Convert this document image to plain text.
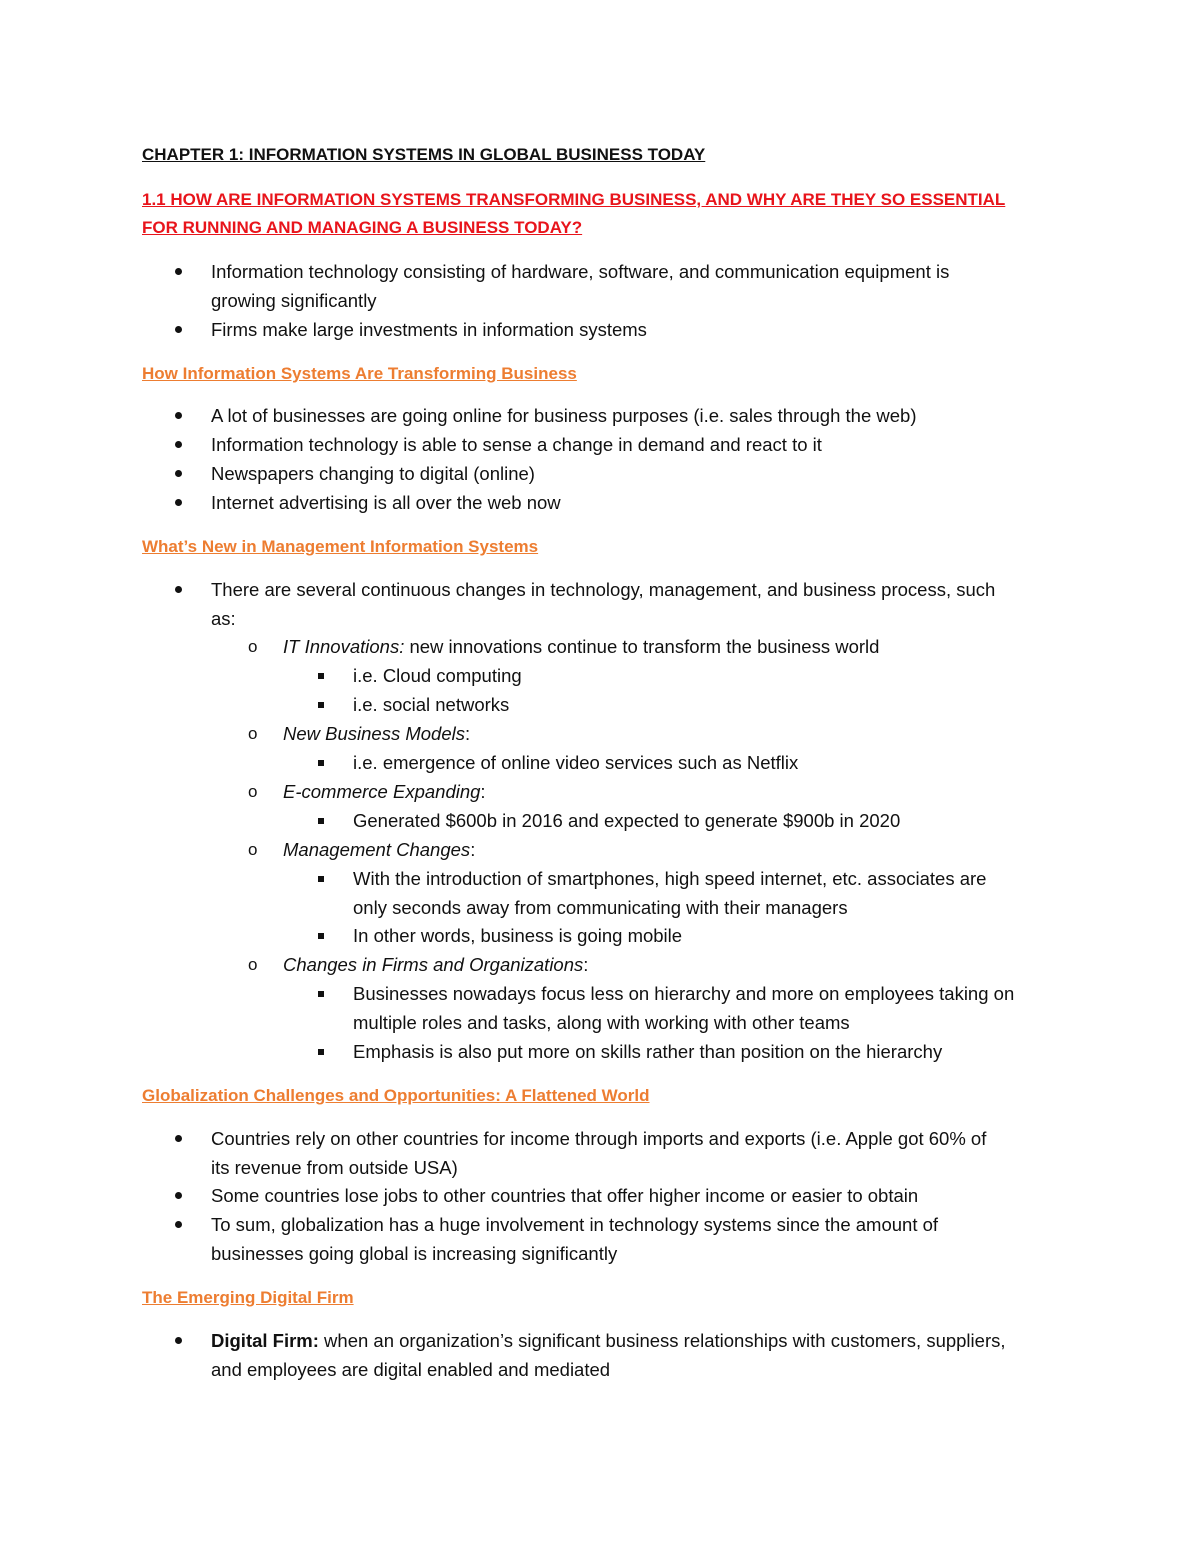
CHAPTER 1: INFORMATION SYSTEMS IN GLOBAL BUSINESS TODAY

1.1 HOW ARE INFORMATION SYSTEMS TRANSFORMING BUSINESS, AND WHY ARE THEY SO ESSENTIAL

FOR RUNNING AND MANAGING A BUSINESS TODAY?

Information technology consisting of hardware, software, and communication equipment is

growing significantly

Firms make large investments in information systems

How Information Systems Are Transforming Business

A lot of businesses are going online for business purposes (i.e. sales through the web)

Information technology is able to sense a change in demand and react to it

Newspapers changing to digital (online)

Internet advertising is all over the web now

What’s New in Management Information Systems

There are several continuous changes in technology, management, and business process, such

as:

o IT Innovations: new innovations continue to transform the business world

i.e. Cloud computing

i.e. social networks

o New Business Models:

i.e. emergence of online video services such as Netflix

o E-commerce Expanding:

Generated $600b in 2016 and expected to generate $900b in 2020

o Management Changes:

With the introduction of smartphones, high speed internet, etc. associates are

only seconds away from communicating with their managers

In other words, business is going mobile

o Changes in Firms and Organizations:

Businesses nowadays focus less on hierarchy and more on employees taking on

multiple roles and tasks, along with working with other teams

Emphasis is also put more on skills rather than position on the hierarchy

Globalization Challenges and Opportunities: A Flattened World

Countries rely on other countries for income through imports and exports (i.e. Apple got 60% of

its revenue from outside USA)

Some countries lose jobs to other countries that offer higher income or easier to obtain

To sum, globalization has a huge involvement in technology systems since the amount of

businesses going global is increasing significantly

The Emerging Digital Firm

Digital Firm: when an organization’s significant business relationships with customers, suppliers,

and employees are digital enabled and mediated
